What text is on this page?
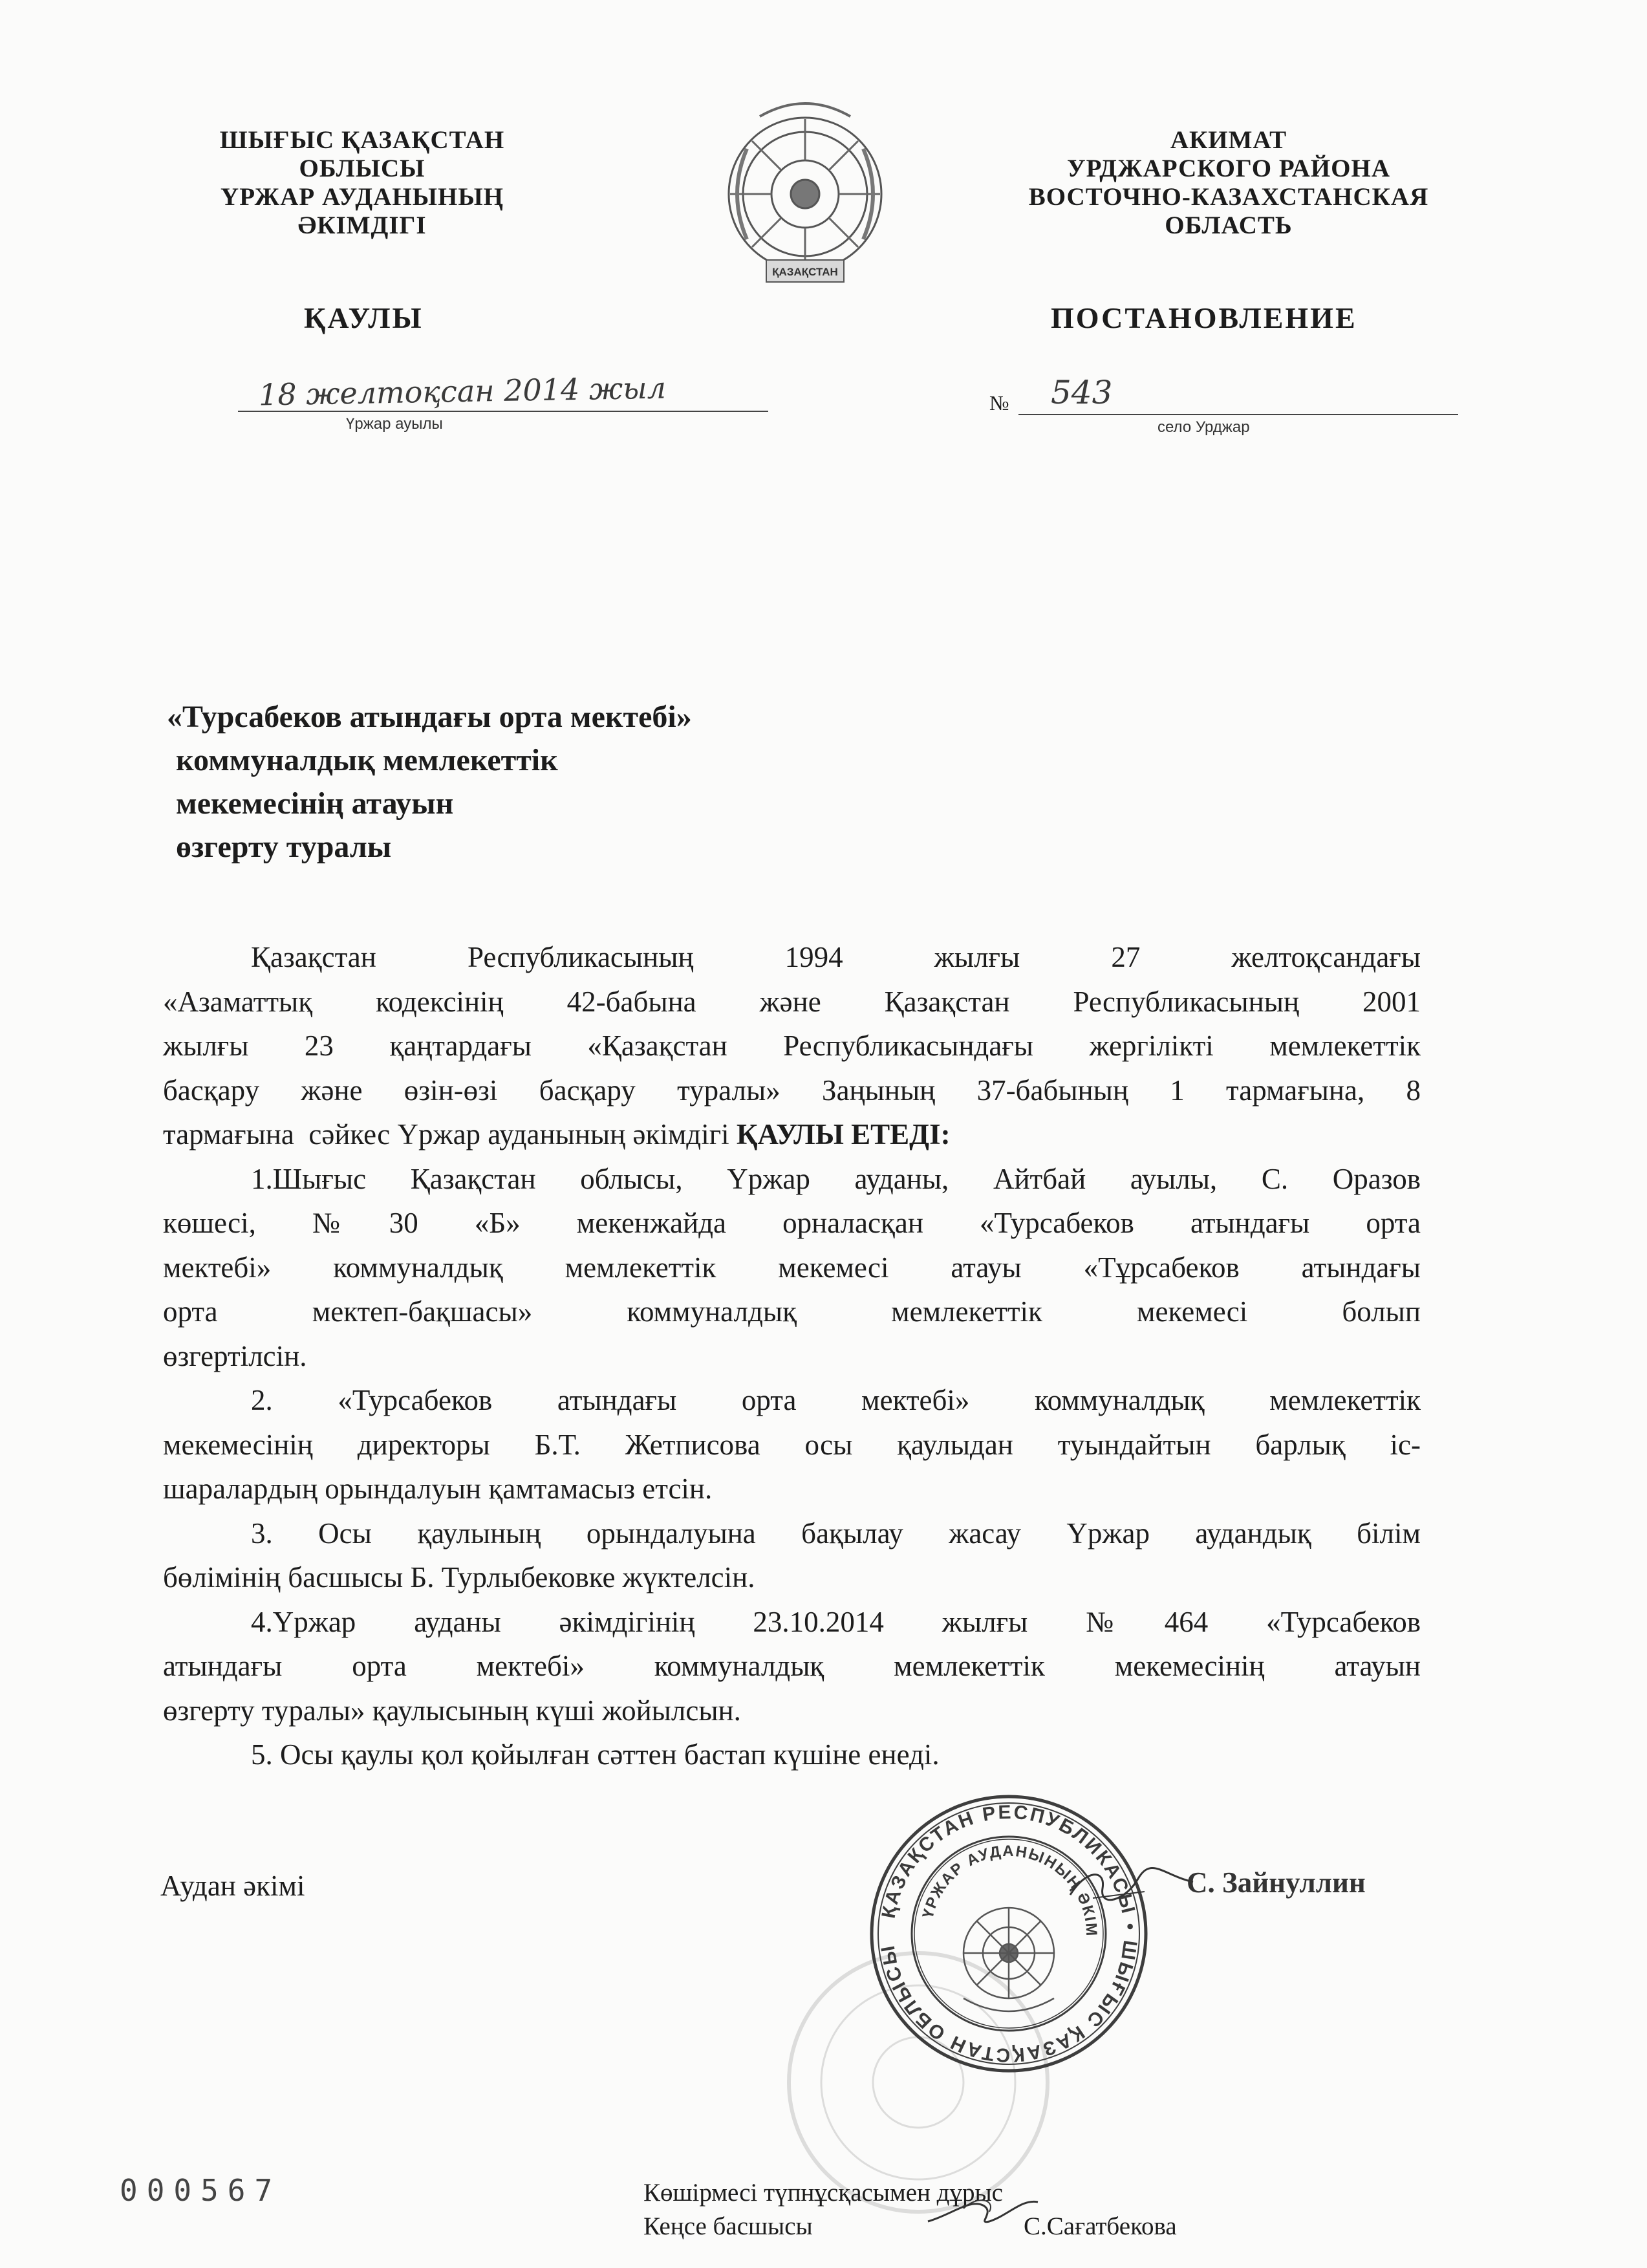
ШЫҒЫС ҚАЗАҚСТАН
ОБЛЫСЫ
ҮРЖАР АУДАНЫНЫҢ
ӘКІМДІГІ
ҚАЗАҚСТАН
АКИМАТ
УРДЖАРСКОГО РАЙОНА
ВОСТОЧНО-КАЗАХСТАНСКАЯ
ОБЛАСТЬ
ҚАУЛЫ	ПОСТАНОВЛЕНИЕ
18 желтоқсан 2014 жыл
Үржар ауылы
№ 543
село Урджар
«Турсабеков атындағы орта мектебі»
коммуналдық мемлекеттік
мекемесінің атауын
өзгерту туралы
Қазақстан Республикасының 1994 жылғы 27 желтоқсандағы
«Азаматтық кодексінің 42-бабына және Қазақстан Республикасының 2001
жылғы 23 қаңтардағы «Қазақстан Республикасындағы жергілікті мемлекеттік
басқару және өзін-өзі басқару туралы» Заңының 37-бабының 1 тармағына, 8
тармағына  сәйкес Үржар ауданының әкімдігі ҚАУЛЫ ЕТЕДІ:
1.Шығыс Қазақстан облысы, Үржар ауданы, Айтбай ауылы, С. Оразов
көшесі, №30 «Б» мекенжайда орналасқан «Турсабеков атындағы орта
мектебі» коммуналдық мемлекеттік мекемесі атауы «Тұрсабеков атындағы
орта мектеп-бақшасы» коммуналдық мемлекеттік мекемесі болып
өзгертілсін.
2. «Турсабеков атындағы орта мектебі» коммуналдық мемлекеттік
мекемесінің директоры Б.Т. Жетписова осы қаулыдан туындайтын барлық іс-
шаралардың орындалуын қамтамасыз етсін.
3. Осы қаулының орындалуына бақылау жасау Үржар аудандық білім
бөлімінің басшысы Б. Турлыбековке жүктелсін.
4.Үржар ауданы әкімдігінің 23.10.2014 жылғы №464 «Турсабеков
атындағы орта мектебі» коммуналдық мемлекеттік мекемесінің атауын
өзгерту туралы» қаулысының күші жойылсын.
5. Осы қаулы қол қойылған сәттен бастап күшіне енеді.
Аудан әкімі
ҚАЗАҚСТАН РЕСПУБЛИКАСЫ • ШЫҒЫС ҚАЗАҚСТАН ОБЛЫСЫ
ҮРЖАР АУДАНЫНЫҢ ӘКІМ
С. Зайнуллин
000567	Көшірмесі түпнұсқасымен дұрыс
Кеңсе басшысы	С.Сағатбекова
